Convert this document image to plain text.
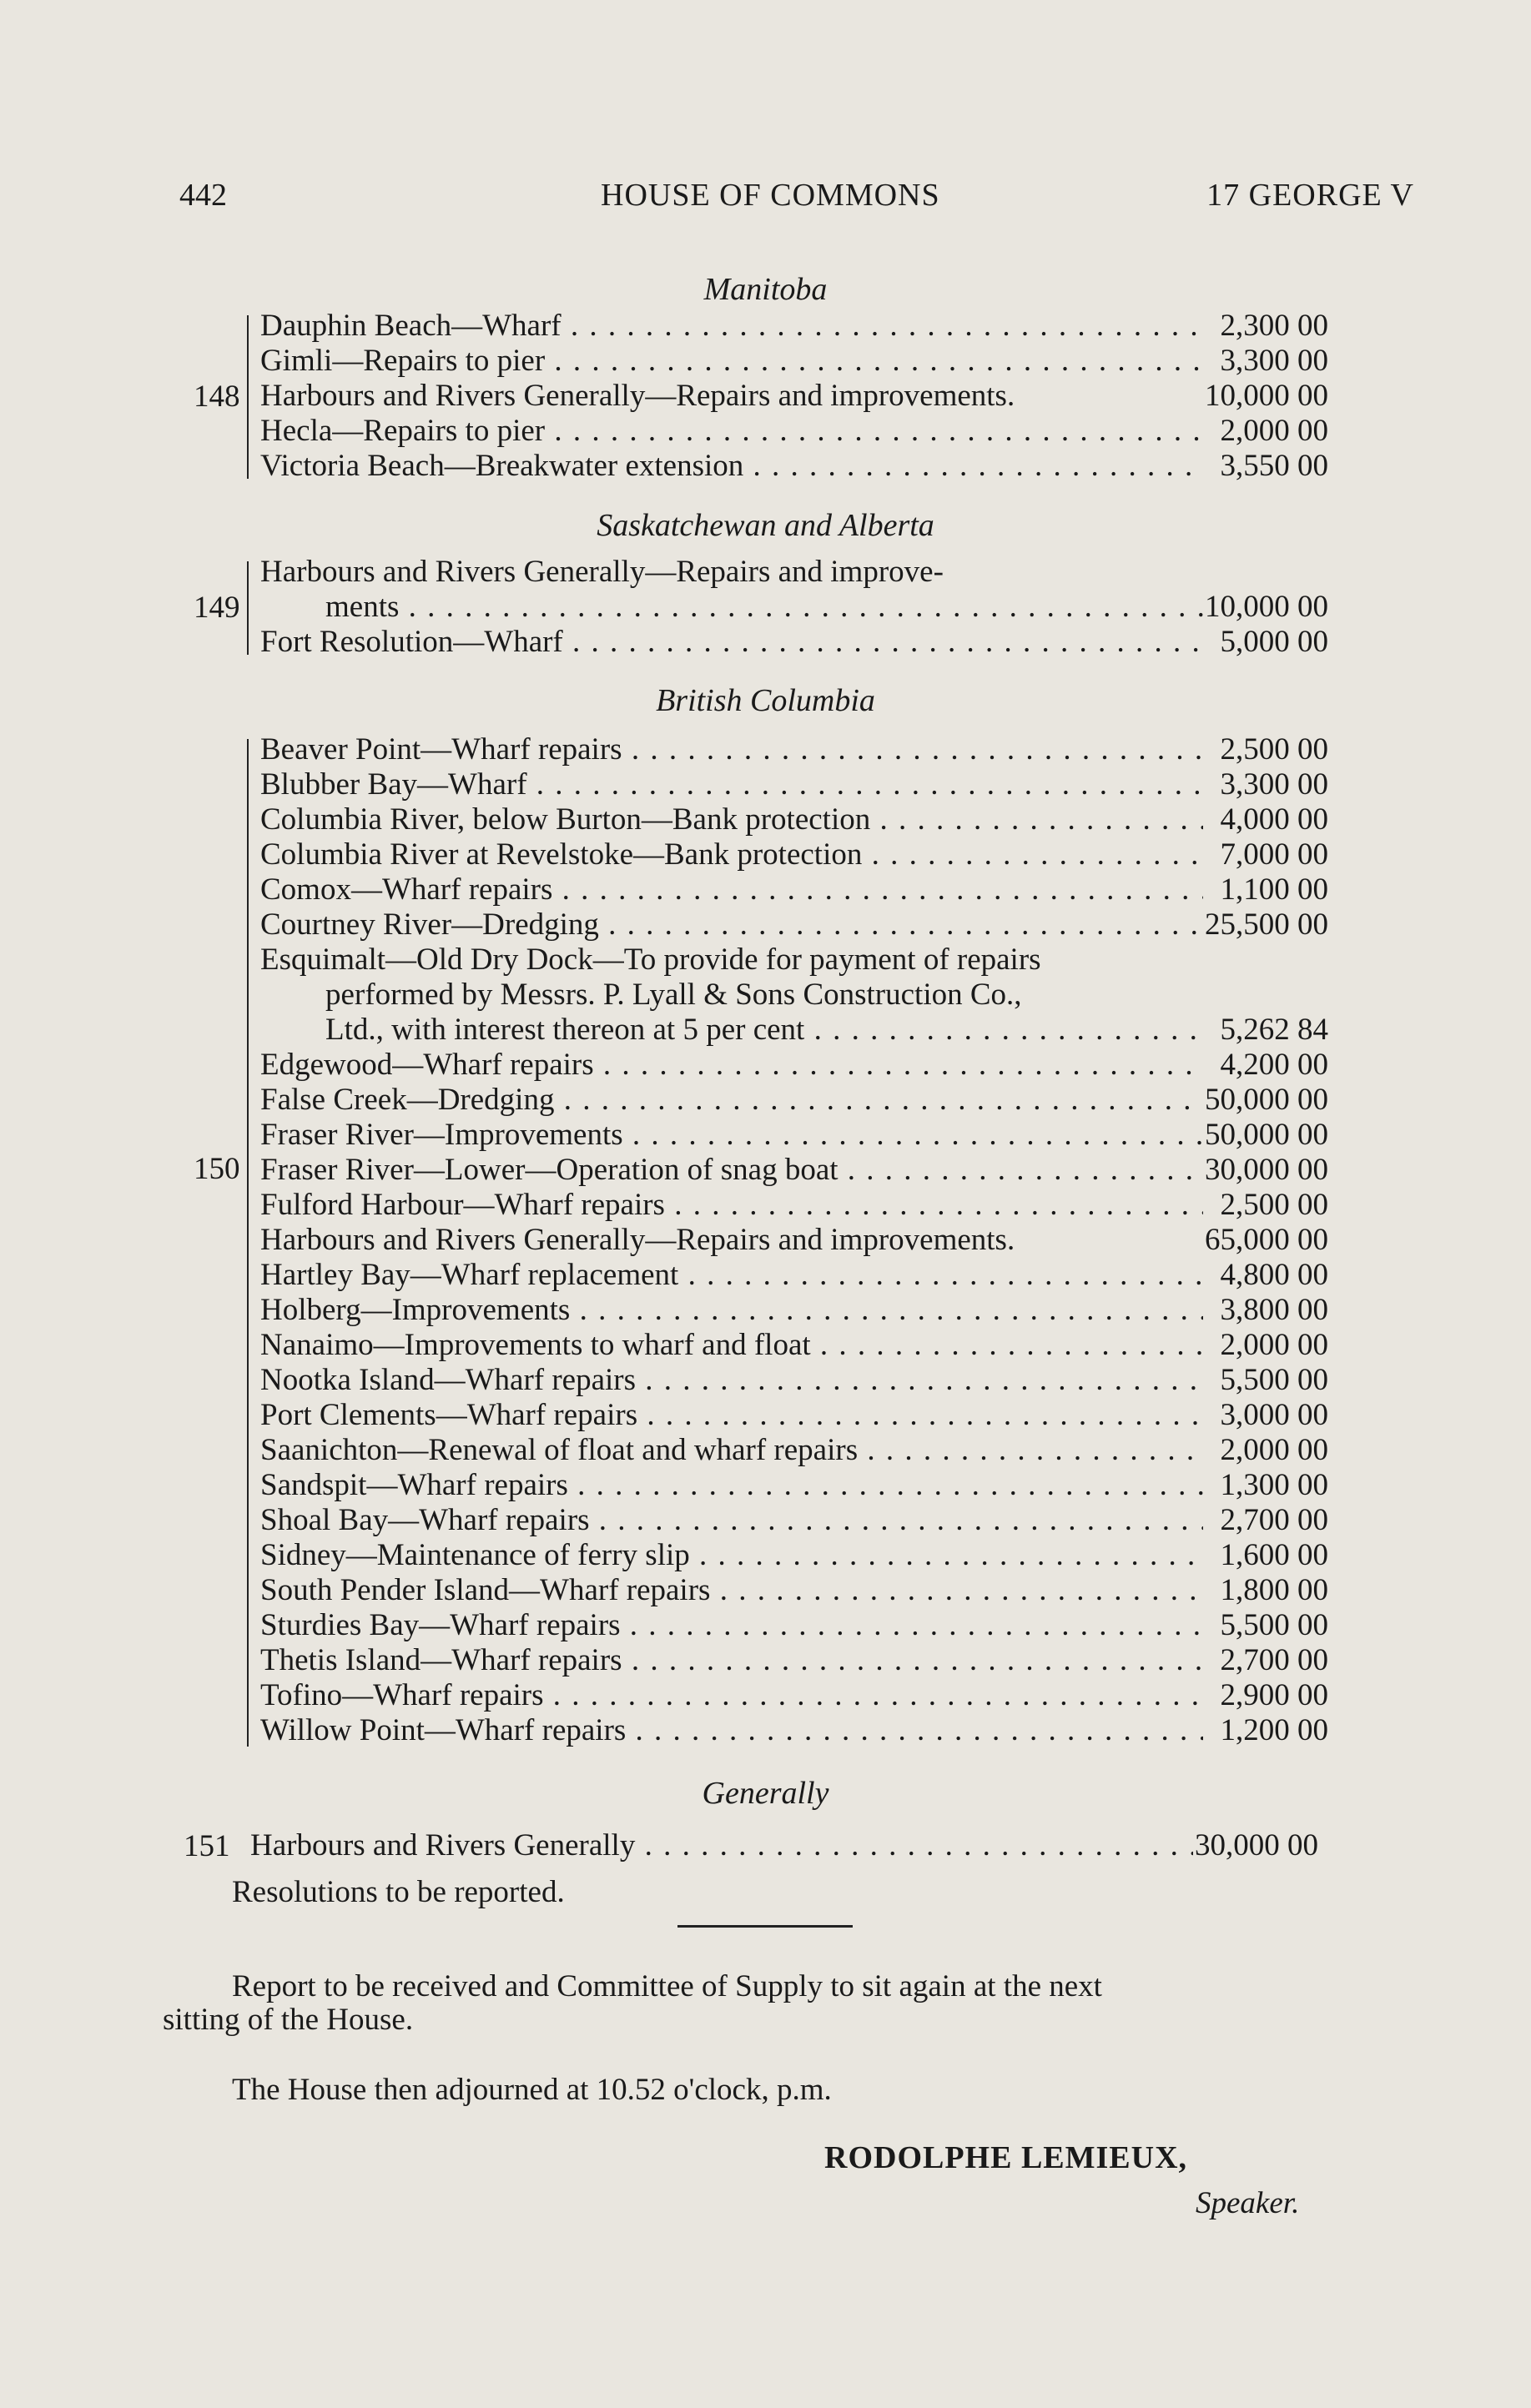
442	HOUSE OF COMMONS	17 GEORGE V
Manitoba
148
Dauphin Beach—Wharf . . .	2,300 00
Gimli—Repairs to pier . . .	3,300 00
Harbours and Rivers Generally—Repairs and improvements.	10,000 00
Hecla—Repairs to pier . . .	2,000 00
Victoria Beach—Breakwater extension . . .	3,550 00
Saskatchewan and Alberta
149
Harbours and Rivers Generally—Repairs and improve-
ments . . .	10,000 00
Fort Resolution—Wharf . . .	5,000 00
British Columbia
150
Beaver Point—Wharf repairs . . .	2,500 00
Blubber Bay—Wharf . . .	3,300 00
Columbia River, below Burton—Bank protection . . .	4,000 00
Columbia River at Revelstoke—Bank protection . . .	7,000 00
Comox—Wharf repairs . . .	1,100 00
Courtney River—Dredging . . .	25,500 00
Esquimalt—Old Dry Dock—To provide for payment of repairs
performed by Messrs. P. Lyall & Sons Construction Co.,
Ltd., with interest thereon at 5 per cent . . .	5,262 84
Edgewood—Wharf repairs . . .	4,200 00
False Creek—Dredging . . .	50,000 00
Fraser River—Improvements . . .	50,000 00
Fraser River—Lower—Operation of snag boat . . .	30,000 00
Fulford Harbour—Wharf repairs . . .	2,500 00
Harbours and Rivers Generally—Repairs and improvements.	65,000 00
Hartley Bay—Wharf replacement . . .	4,800 00
Holberg—Improvements . . .	3,800 00
Nanaimo—Improvements to wharf and float . . .	2,000 00
Nootka Island—Wharf repairs . . .	5,500 00
Port Clements—Wharf repairs . . .	3,000 00
Saanichton—Renewal of float and wharf repairs . . .	2,000 00
Sandspit—Wharf repairs . . .	1,300 00
Shoal Bay—Wharf repairs . . .	2,700 00
Sidney—Maintenance of ferry slip . . .	1,600 00
South Pender Island—Wharf repairs . . .	1,800 00
Sturdies Bay—Wharf repairs . . .	5,500 00
Thetis Island—Wharf repairs . . .	2,700 00
Tofino—Wharf repairs . . .	2,900 00
Willow Point—Wharf repairs . . .	1,200 00
Generally
151 Harbours and Rivers Generally . . .	30,000 00
Resolutions to be reported.
Report to be received and Committee of Supply to sit again at the next
sitting of the House.
The House then adjourned at 10.52 o'clock, p.m.
RODOLPHE LEMIEUX,
Speaker.
